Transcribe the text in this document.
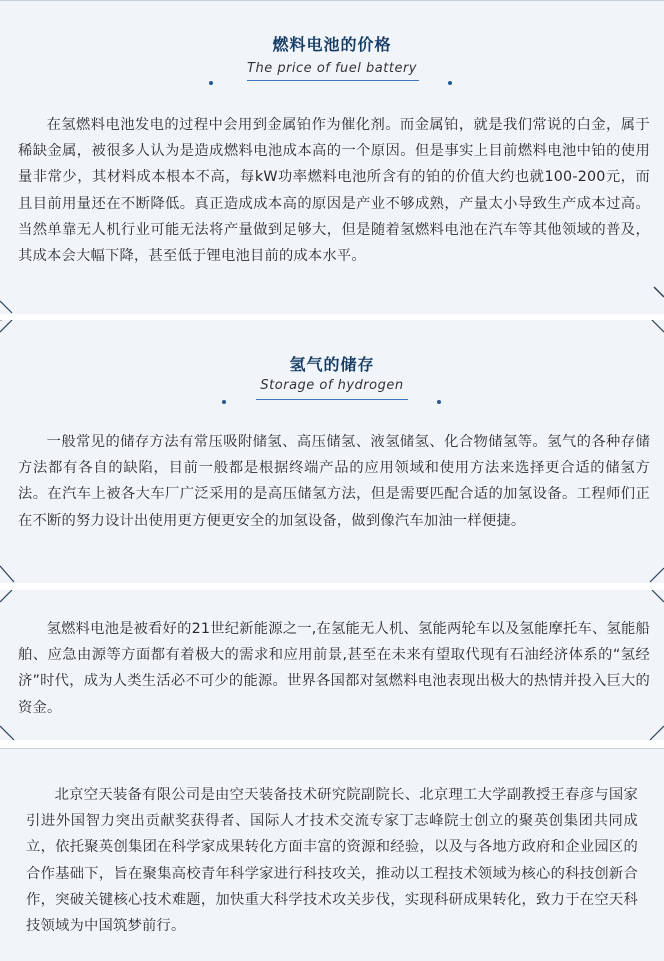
燃料电池的价格
The price of fuel battery

在氢燃料电池发电的过程中会用到金属铂作为催化剂。而金属铂，就是我们常说的白金，属于稀缺金属，被很多人认为是造成燃料电池成本高的一个原因。但是事实上目前燃料电池中铂的使用量非常少，其材料成本根本不高，每kW功率燃料电池所含有的铂的价值大约也就100-200元，而且目前用量还在不断降低。真正造成成本高的原因是产业不够成熟，产量太小导致生产成本过高。当然单靠无人机行业可能无法将产量做到足够大，但是随着氢燃料电池在汽车等其他领域的普及，其成本会大幅下降，甚至低于锂电池目前的成本水平。

氢气的储存
Storage of hydrogen

一般常见的储存方法有常压吸附储氢、高压储氢、液氢储氢、化合物储氢等。氢气的各种存储方法都有各自的缺陷，目前一般都是根据终端产品的应用领域和使用方法来选择更合适的储氢方法。在汽车上被各大车厂广泛采用的是高压储氢方法，但是需要匹配合适的加氢设备。工程师们正在不断的努力设计出使用更方便更安全的加氢设备，做到像汽车加油一样便捷。

氢燃料电池是被看好的21世纪新能源之一,在氢能无人机、氢能两轮车以及氢能摩托车、氢能船舶、应急由源等方面都有着极大的需求和应用前景,甚至在未来有望取代现有石油经济体系的“氢经济”时代，成为人类生活必不可少的能源。世界各国都对氢燃料电池表现出极大的热情并投入巨大的资金。

北京空天装备有限公司是由空天装备技术研究院副院长、北京理工大学副教授王春彦与国家引进外国智力突出贡献奖获得者、国际人才技术交流专家丁志峰院士创立的聚英创集团共同成立，依托聚英创集团在科学家成果转化方面丰富的资源和经验，以及与各地方政府和企业园区的合作基础下，旨在聚集高校青年科学家进行科技攻关，推动以工程技术领域为核心的科技创新合作，突破关键核心技术难题，加快重大科学技术攻关步伐，实现科研成果转化，致力于在空天科技领域为中国筑梦前行。
